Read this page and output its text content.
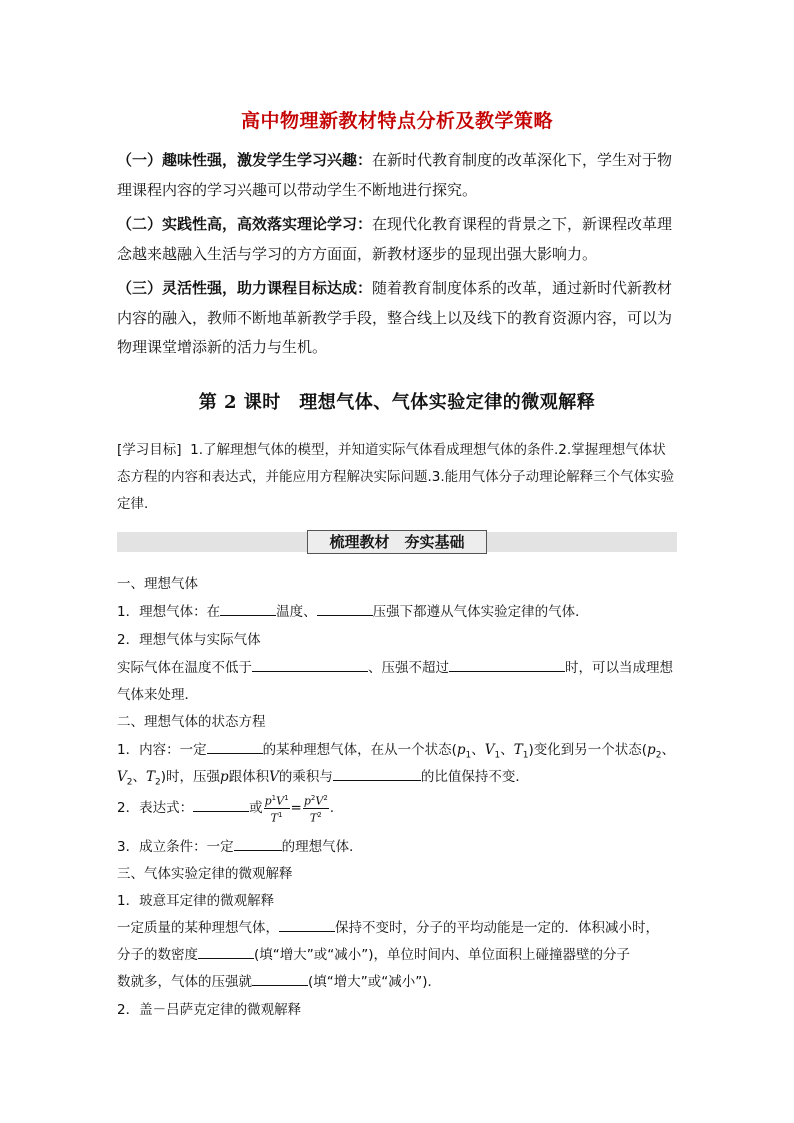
高中物理新教材特点分析及教学策略
（一）趣味性强，激发学生学习兴趣：在新时代教育制度的改革深化下，学生对于物理课程内容的学习兴趣可以带动学生不断地进行探究。
（二）实践性高，高效落实理论学习：在现代化教育课程的背景之下，新课程改革理念越来越融入生活与学习的方方面面，新教材逐步的显现出强大影响力。
（三）灵活性强，助力课程目标达成：随着教育制度体系的改革，通过新时代新教材内容的融入，教师不断地革新教学手段，整合线上以及线下的教育资源内容，可以为物理课堂增添新的活力与生机。
第 2 课时　理想气体、气体实验定律的微观解释
[学习目标] 1.了解理想气体的模型，并知道实际气体看成理想气体的条件.2.掌握理想气体状态方程的内容和表达式，并能应用方程解决实际问题.3.能用气体分子动理论解释三个气体实验定律.
梳理教材　夯实基础
一、理想气体
1．理想气体：在	温度、	压强下都遵从气体实验定律的气体．
2．理想气体与实际气体
实际气体在温度不低于	、压强不超过	时，可以当成理想
气体来处理．
二、理想气体的状态方程
1．内容：一定	的某种理想气体，在从一个状态($p_1$、$V_1$、$T_1$)变化到另一个状态($p_2$、
$V_2$、$T_2$)时，压强p跟体积V的乘积与	的比值保持不变．
2．表达式：	或 $\frac{p^1V^1}{T^1} = \frac{p^2V^2}{T^2}$ .
3．成立条件：一定	的理想气体．
三、气体实验定律的微观解释
1．玻意耳定律的微观解释
一定质量的某种理想气体，	保持不变时，分子的平均动能是一定的．体积减小时，
分子的数密度	(填“增大”或“减小”)，单位时间内、单位面积上碰撞器壁的分子
数就多，气体的压强就	(填“增大”或“减小”)．
2．盖－吕萨克定律的微观解释
